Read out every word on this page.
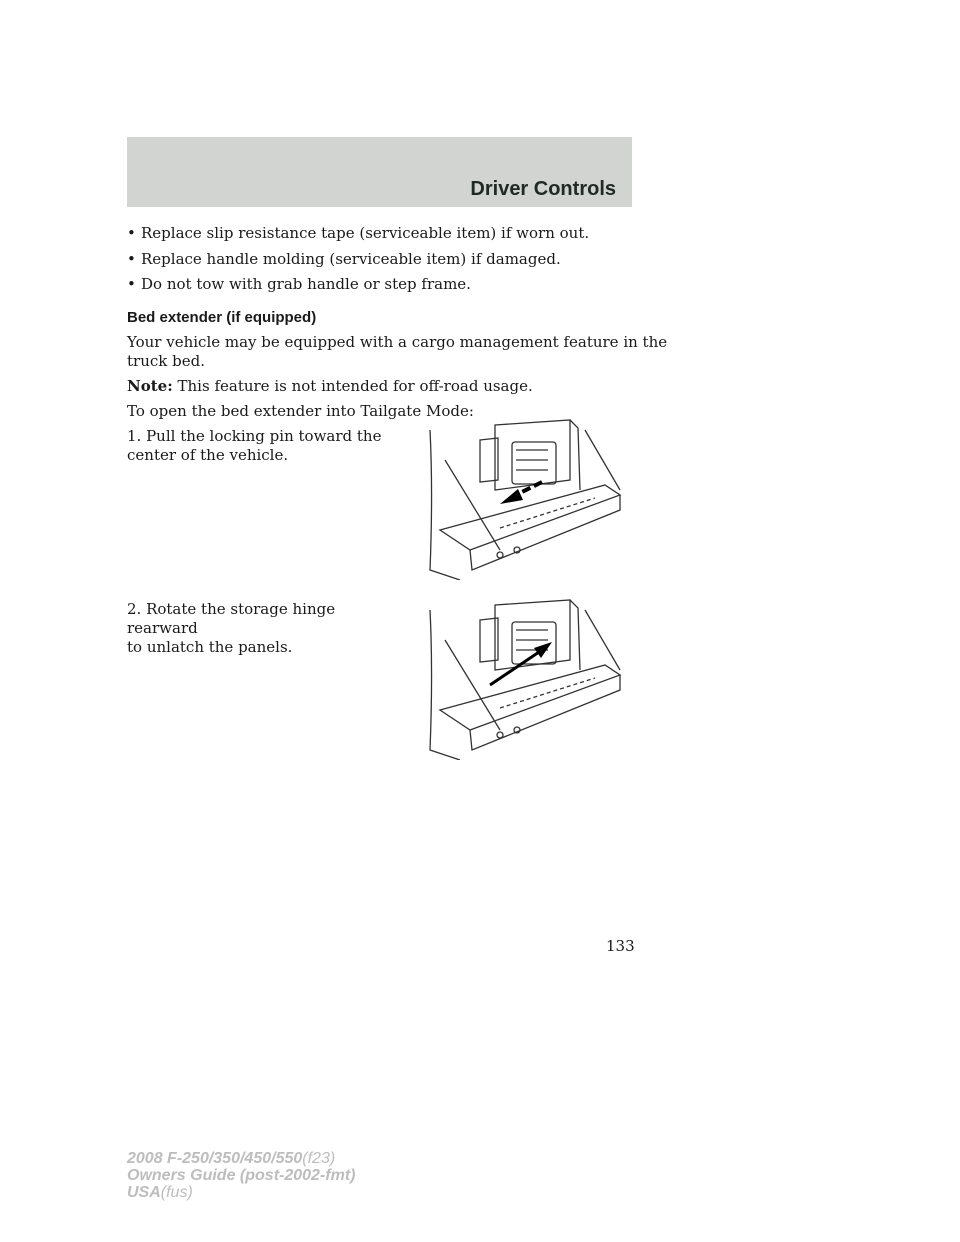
Driver Controls
• Replace slip resistance tape (serviceable item) if worn out.
• Replace handle molding (serviceable item) if damaged.
• Do not tow with grab handle or step frame.
Bed extender (if equipped)
Your vehicle may be equipped with a cargo management feature in the
truck bed.
Note: This feature is not intended for off-road usage.
To open the bed extender into Tailgate Mode:
1. Pull the locking pin toward the
center of the vehicle.
2. Rotate the storage hinge rearward
to unlatch the panels.
133
2008 F-250/350/450/550(f23)
Owners Guide (post-2002-fmt)
USA(fus)
